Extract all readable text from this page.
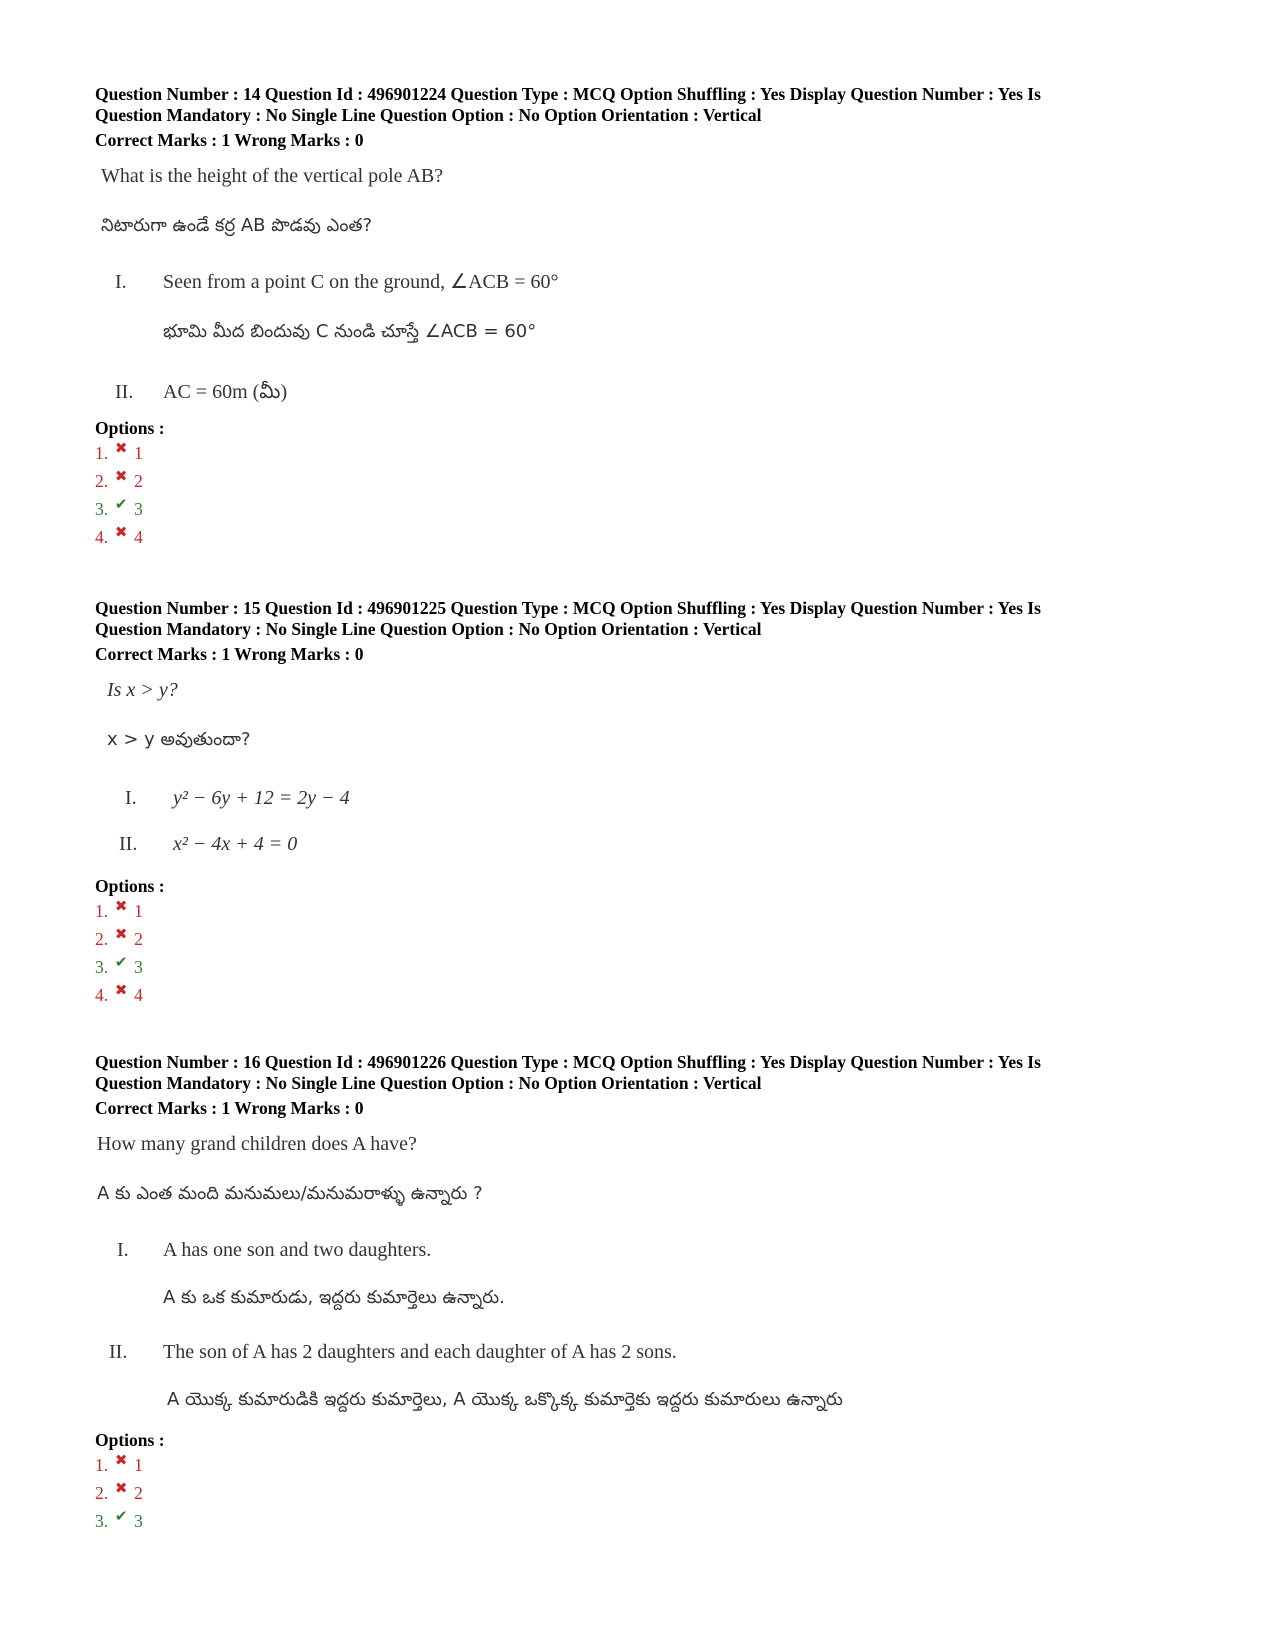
Question Number : 14 Question Id : 496901224 Question Type : MCQ Option Shuffling : Yes Display Question Number : Yes Is
Question Mandatory : No Single Line Question Option : No Option Orientation : Vertical
Correct Marks : 1 Wrong Marks : 0
What is the height of the vertical pole AB?
నిటారుగా ఉండే కర్ర AB పొడవు ఎంత?
I.	Seen from a point C on the ground, ∠ACB = 60°
భూమి మీద బిందువు C నుండి చూస్తే ∠ACB = 60°
II.	AC = 60m (మీ)
Options :
1. ✖ 1
2. ✖ 2
3. ✔ 3
4. ✖ 4
Question Number : 15 Question Id : 496901225 Question Type : MCQ Option Shuffling : Yes Display Question Number : Yes Is
Question Mandatory : No Single Line Question Option : No Option Orientation : Vertical
Correct Marks : 1 Wrong Marks : 0
Is x > y?
x > y అవుతుందా?
I.	y² − 6y + 12 = 2y − 4
II.	x² − 4x + 4 = 0
Options :
1. ✖ 1
2. ✖ 2
3. ✔ 3
4. ✖ 4
Question Number : 16 Question Id : 496901226 Question Type : MCQ Option Shuffling : Yes Display Question Number : Yes Is
Question Mandatory : No Single Line Question Option : No Option Orientation : Vertical
Correct Marks : 1 Wrong Marks : 0
How many grand children does A have?
A కు ఎంత మంది మనుమలు/మనుమరాళ్ళు ఉన్నారు ?
I.	A has one son and two daughters.
A కు ఒక కుమారుడు, ఇద్దరు కుమార్తెలు ఉన్నారు.
II.	The son of A has 2 daughters and each daughter of A has 2 sons.
A యొక్క కుమారుడికి ఇద్దరు కుమార్తెలు, A యొక్క ఒక్కొక్క కుమార్తెకు ఇద్దరు కుమారులు ఉన్నారు
Options :
1. ✖ 1
2. ✖ 2
3. ✔ 3
